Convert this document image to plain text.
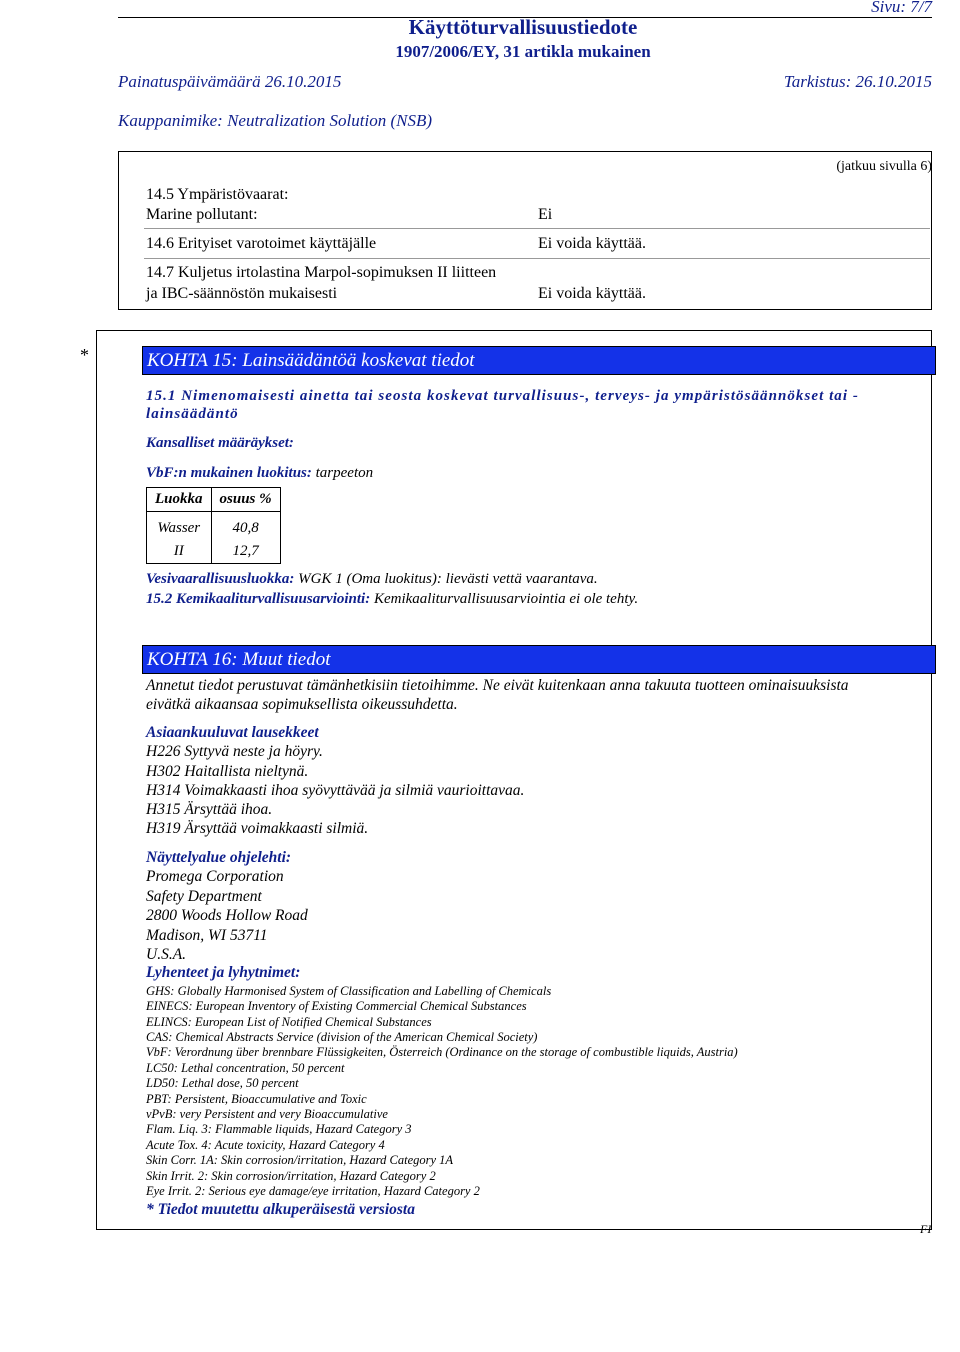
Sivu: 7/7
Käyttöturvallisuustiedote
1907/2006/EY, 31 artikla mukainen
Painatuspäivämäärä 26.10.2015	Tarkistus: 26.10.2015
Kauppanimike: Neutralization Solution (NSB)
(jatkuu sivulla 6)
14.5 Ympäristövaarat:
Marine pollutant:	Ei
14.6 Erityiset varotoimet käyttäjälle	Ei voida käyttää.
14.7 Kuljetus irtolastina Marpol-sopimuksen II liitteen
ja IBC-säännöstön mukaisesti	Ei voida käyttää.
*	KOHTA 15: Lainsäädäntöä koskevat tiedot
15.1 Nimenomaisesti ainetta tai seosta koskevat turvallisuus-, terveys- ja ympäristösäännökset tai -
lainsäädäntö
Kansalliset määräykset:
VbF:n mukainen luokitus: tarpeeton
Luokka	osuus %
Wasser	40,8
II	12,7
Vesivaarallisuusluokka: WGK 1 (Oma luokitus): lievästi vettä vaarantava.
15.2 Kemikaaliturvallisuusarviointi: Kemikaaliturvallisuusarviointia ei ole tehty.
KOHTA 16: Muut tiedot
Annetut tiedot perustuvat tämänhetkisiin tietoihimme. Ne eivät kuitenkaan anna takuuta tuotteen ominaisuuksista
eivätkä aikaansaa sopimuksellista oikeussuhdetta.
Asiaankuuluvat lausekkeet
H226 Syttyvä neste ja höyry.
H302 Haitallista nieltynä.
H314 Voimakkaasti ihoa syövyttävää ja silmiä vaurioittavaa.
H315 Ärsyttää ihoa.
H319 Ärsyttää voimakkaasti silmiä.
Näyttelyalue ohjelehti:
Promega Corporation
Safety Department
2800 Woods Hollow Road
Madison, WI 53711
U.S.A.
Lyhenteet ja lyhytnimet:
GHS: Globally Harmonised System of Classification and Labelling of Chemicals
EINECS: European Inventory of Existing Commercial Chemical Substances
ELINCS: European List of Notified Chemical Substances
CAS: Chemical Abstracts Service (division of the American Chemical Society)
VbF: Verordnung über brennbare Flüssigkeiten, Österreich (Ordinance on the storage of combustible liquids, Austria)
LC50: Lethal concentration, 50 percent
LD50: Lethal dose, 50 percent
PBT: Persistent, Bioaccumulative and Toxic
vPvB: very Persistent and very Bioaccumulative
Flam. Liq. 3: Flammable liquids, Hazard Category 3
Acute Tox. 4: Acute toxicity, Hazard Category 4
Skin Corr. 1A: Skin corrosion/irritation, Hazard Category 1A
Skin Irrit. 2: Skin corrosion/irritation, Hazard Category 2
Eye Irrit. 2: Serious eye damage/eye irritation, Hazard Category 2
* Tiedot muutettu alkuperäisestä versiosta
FI
